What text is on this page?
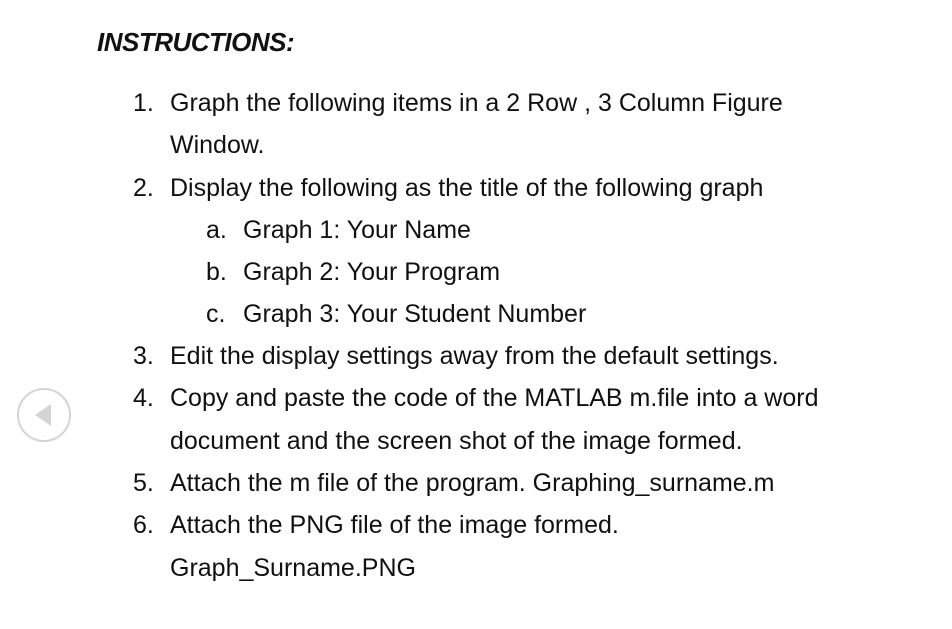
INSTRUCTIONS:
1. Graph the following items in a 2 Row , 3 Column Figure
Window.
2. Display the following as the title of the following graph
a. Graph 1: Your Name
b. Graph 2: Your Program
c. Graph 3: Your Student Number
3. Edit the display settings away from the default settings.
4. Copy and paste the code of the MATLAB m.file into a word
document and the screen shot of the image formed.
5. Attach the m file of the program. Graphing_surname.m
6. Attach the PNG file of the image formed.
Graph_Surname.PNG
